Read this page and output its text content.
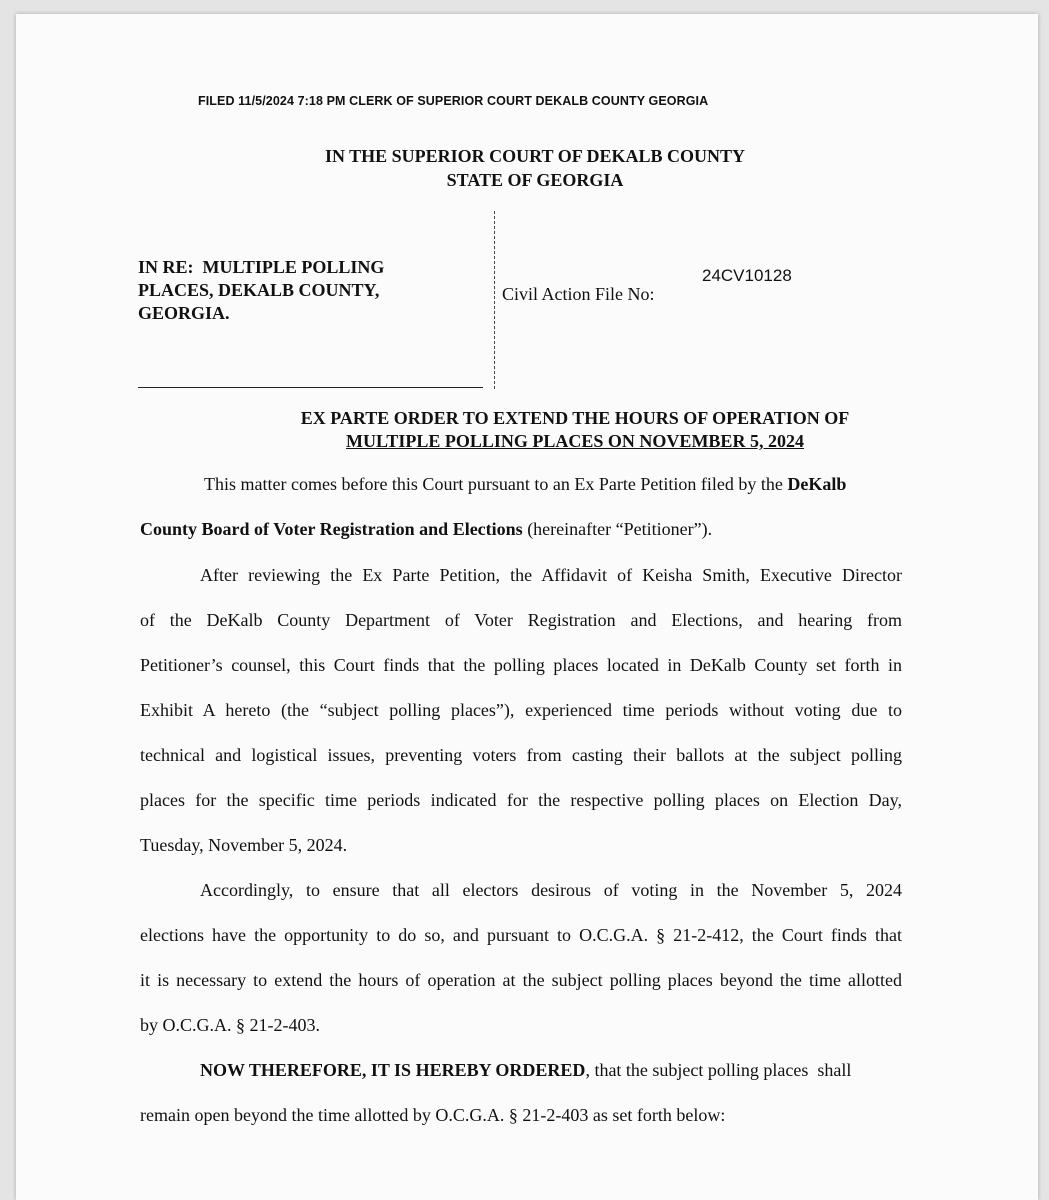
FILED 11/5/2024 7:18 PM CLERK OF SUPERIOR COURT DEKALB COUNTY GEORGIA
IN THE SUPERIOR COURT OF DEKALB COUNTY
STATE OF GEORGIA
IN RE:  MULTIPLE POLLING
PLACES, DEKALB COUNTY,
GEORGIA.
Civil Action File No:
24CV10128
EX PARTE ORDER TO EXTEND THE HOURS OF OPERATION OF
MULTIPLE POLLING PLACES ON NOVEMBER 5, 2024
This matter comes before this Court pursuant to an Ex Parte Petition filed by the DeKalb
County Board of Voter Registration and Elections (hereinafter “Petitioner”).
After reviewing the Ex Parte Petition, the Affidavit of Keisha Smith, Executive Director
of the DeKalb County Department of Voter Registration and Elections, and hearing from
Petitioner’s counsel, this Court finds that the polling places located in DeKalb County set forth in
Exhibit A hereto (the “subject polling places”), experienced time periods without voting due to
technical and logistical issues, preventing voters from casting their ballots at the subject polling
places for the specific time periods indicated for the respective polling places on Election Day,
Tuesday, November 5, 2024.
Accordingly, to ensure that all electors desirous of voting in the November 5, 2024
elections have the opportunity to do so, and pursuant to O.C.G.A. § 21-2-412, the Court finds that
it is necessary to extend the hours of operation at the subject polling places beyond the time allotted
by O.C.G.A. § 21-2-403.
NOW THEREFORE, IT IS HEREBY ORDERED, that the subject polling places  shall
remain open beyond the time allotted by O.C.G.A. § 21-2-403 as set forth below:
